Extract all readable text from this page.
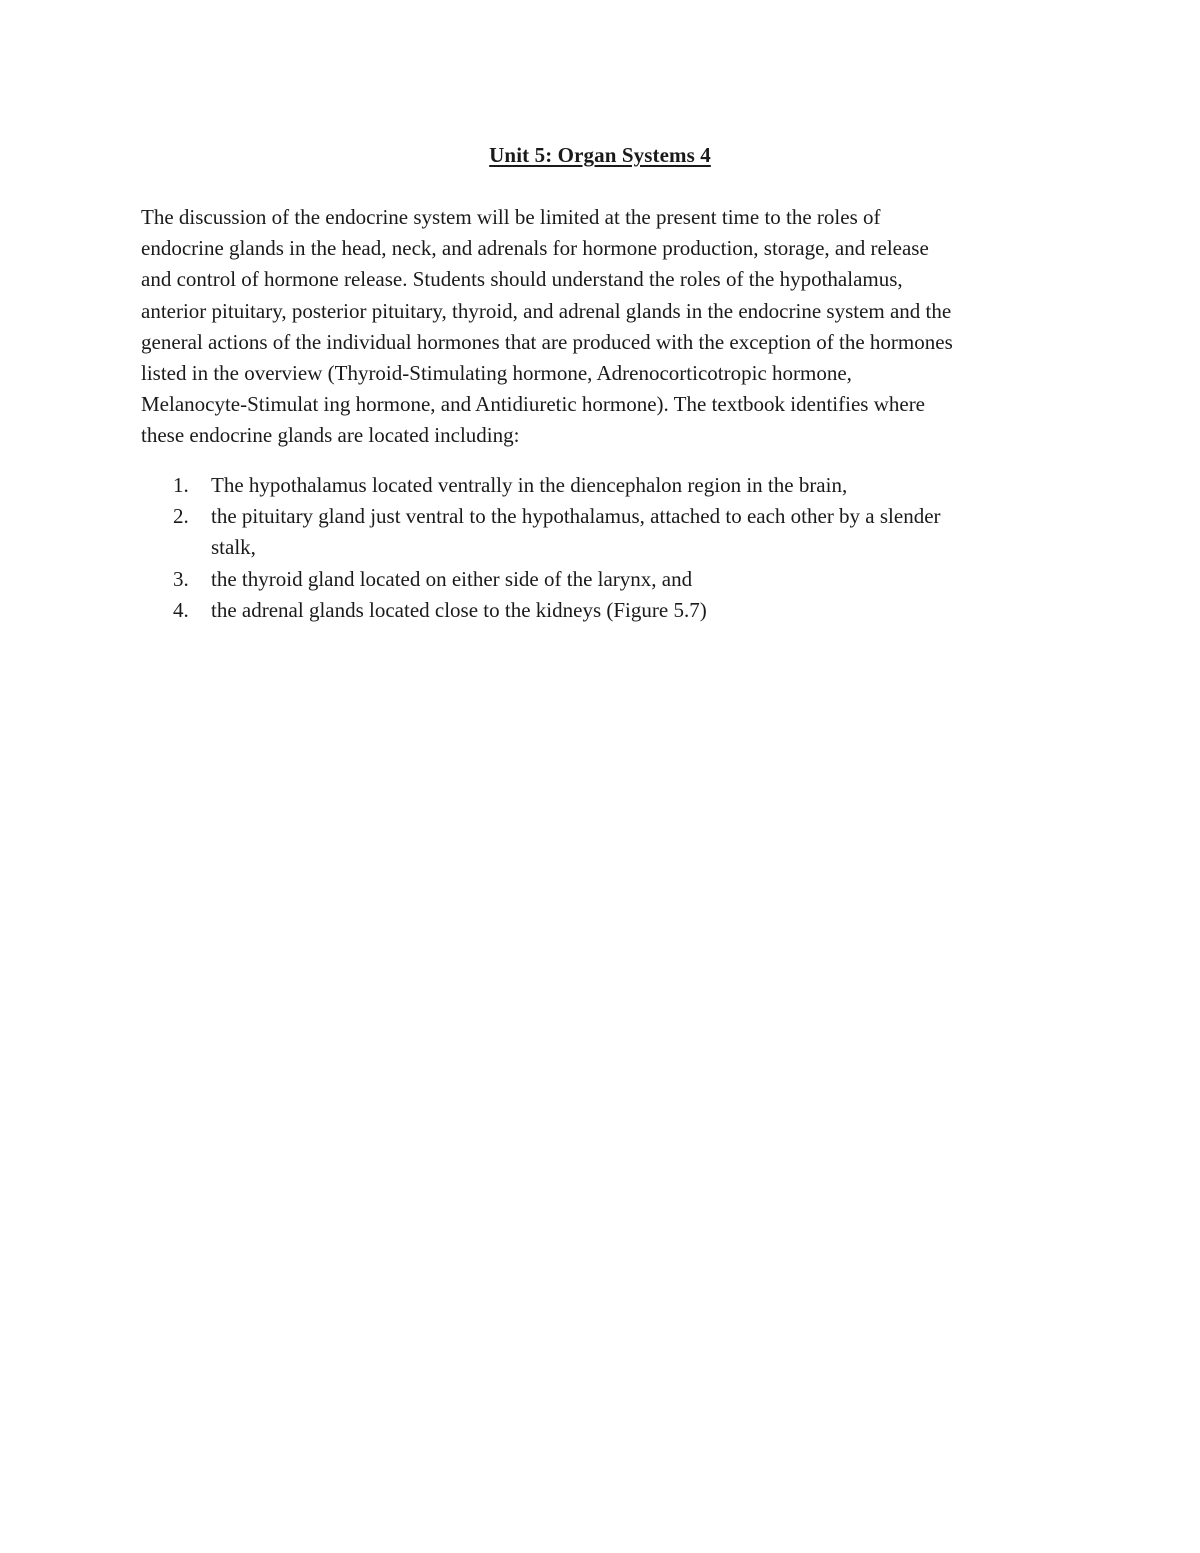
Unit 5: Organ Systems 4

The discussion of the endocrine system will be limited at the present time to the roles of
endocrine glands in the head, neck, and adrenals for hormone production, storage, and release
and control of hormone release. Students should understand the roles of the hypothalamus,
anterior pituitary, posterior pituitary, thyroid, and adrenal glands in the endocrine system and the
general actions of the individual hormones that are produced with the exception of the hormones
listed in the overview (Thyroid-Stimulating hormone, Adrenocorticotropic hormone,
Melanocyte-Stimulat ing hormone, and Antidiuretic hormone). The textbook identifies where
these endocrine glands are located including:

1. The hypothalamus located ventrally in the diencephalon region in the brain,
2. the pituitary gland just ventral to the hypothalamus, attached to each other by a slender
stalk,
3. the thyroid gland located on either side of the larynx, and
4. the adrenal glands located close to the kidneys (Figure 5.7)
